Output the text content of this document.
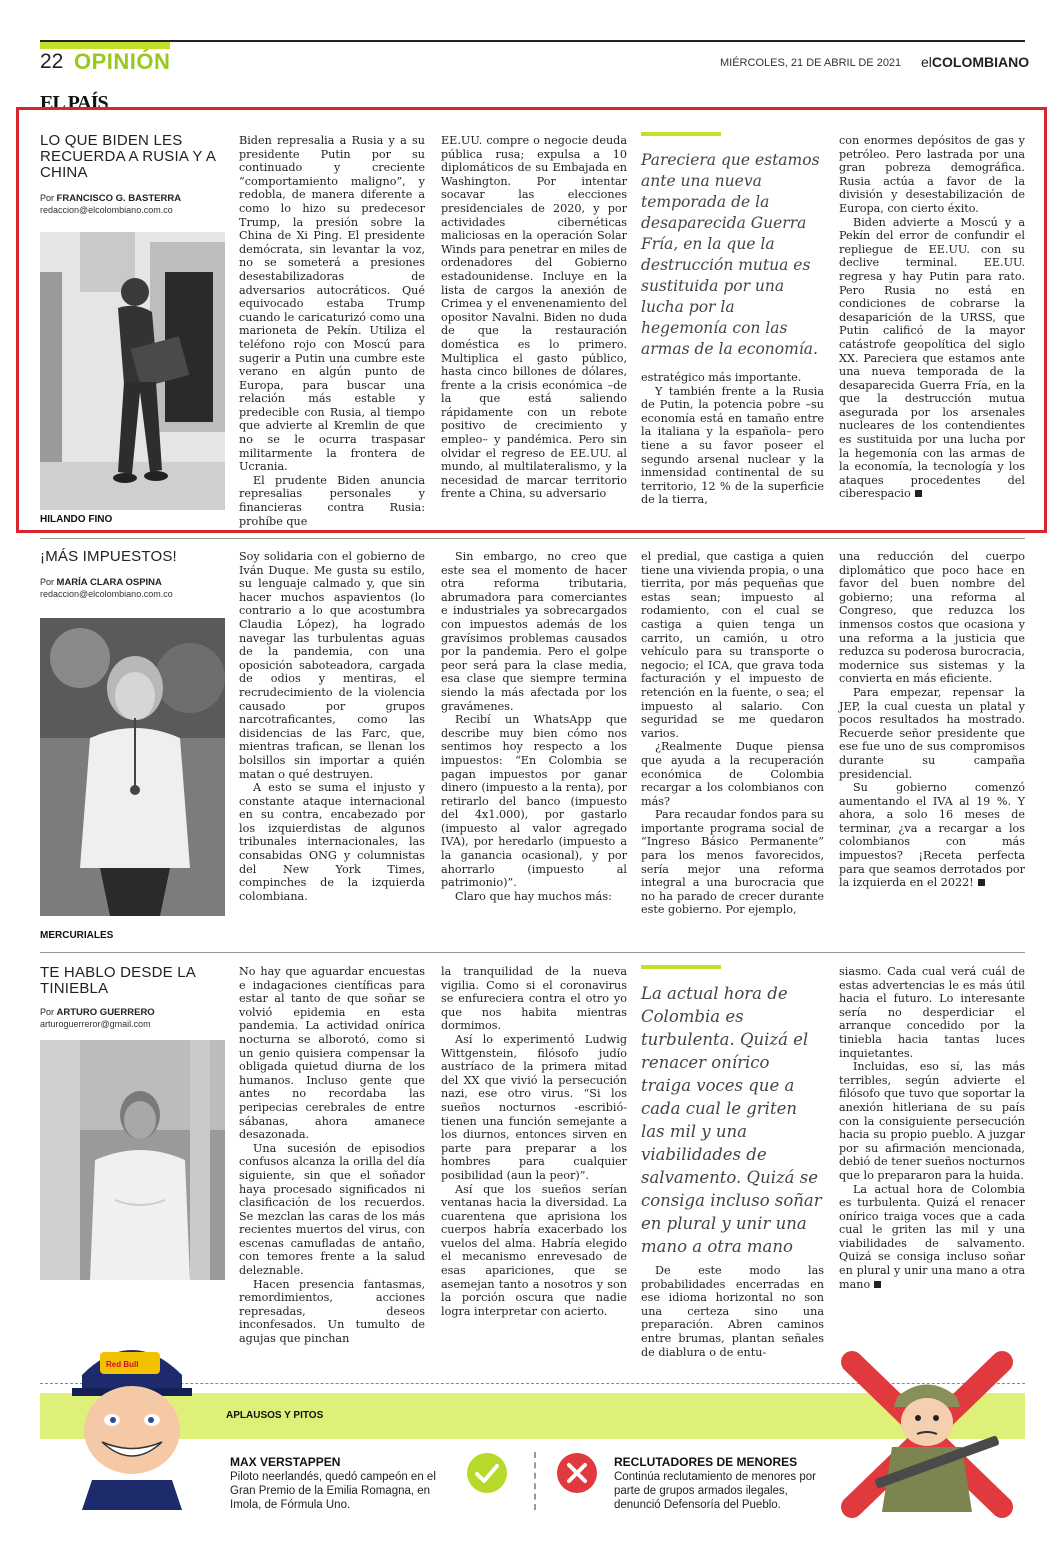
22 OPINIÓN	MIÉRCOLES, 21 DE ABRIL DE 2021 elCOLOMBIANO
EL PAÍS
LO QUE BIDEN LES RECUERDA A RUSIA Y A CHINA
Por FRANCISCO G. BASTERRA
redaccion@elcolombiano.com.co
HILANDO FINO

Biden represalia a Rusia y a su presidente Putin por su continuado y creciente “comportamiento maligno”, y redobla, de manera diferente a como lo hizo su predecesor Trump, la presión sobre la China de Xi Ping. El presidente demócrata, sin levantar la voz, no se someterá a presiones desestabilizadoras de adversarios autocráticos. Qué equivocado estaba Trump cuando le caricaturizó como una marioneta de Pekín. Utiliza el teléfono rojo con Moscú para sugerir a Putin una cumbre este verano en algún punto de Europa, para buscar una relación más estable y predecible con Rusia, al tiempo que advierte al Kremlin de que no se le ocurra traspasar militarmente la frontera de Ucrania.

El prudente Biden anuncia represalias personales y financieras contra Rusia: prohíbe que

EE.UU. compre o negocie deuda pública rusa; expulsa a 10 diplomáticos de su Embajada en Washington. Por intentar socavar las elecciones presidenciales de 2020, y por actividades cibernéticas maliciosas en la operación Solar Winds para penetrar en miles de ordenadores del Gobierno estadounidense. Incluye en la lista de cargos la anexión de Crimea y el envenenamiento del opositor Navalni. Biden no duda de que la restauración doméstica es lo primero. Multiplica el gasto público, hasta cinco billones de dólares, frente a la crisis económica –de la que está saliendo rápidamente con un rebote positivo de crecimiento y empleo– y pandémica. Pero sin olvidar el regreso de EE.UU. al mundo, al multilateralismo, y la necesidad de marcar territorio frente a China, su adversario

Pareciera que estamos ante una nueva temporada de la desaparecida Guerra Fría, en la que la destrucción mutua es sustituida por una lucha por la hegemonía con las armas de la economía.

estratégico más importante.

Y también frente a la Rusia de Putin, la potencia pobre –su economía está en tamaño entre la italiana y la española– pero tiene a su favor poseer el segundo arsenal nuclear y la inmensidad continental de su territorio, 12 % de la superficie de la tierra,

con enormes depósitos de gas y petróleo. Pero lastrada por una gran pobreza demográfica. Rusia actúa a favor de la división y desestabilización de Europa, con cierto éxito.

Biden advierte a Moscú y a Pekín del error de confundir el repliegue de EE.UU. con su declive terminal. EE.UU. regresa y hay Putin para rato. Pero Rusia no está en condiciones de cobrarse la desaparición de la URSS, que Putin calificó de la mayor catástrofe geopolítica del siglo XX. Pareciera que estamos ante una nueva temporada de la desaparecida Guerra Fría, en la que la destrucción mutua asegurada por los arsenales nucleares de los contendientes es sustituida por una lucha por la hegemonía con las armas de la economía, la tecnología y los ataques procedentes del ciberespacio

¡MÁS IMPUESTOS!
Por MARÍA CLARA OSPINA
redaccion@elcolombiano.com.co
MERCURIALES

Soy solidaria con el gobierno de Iván Duque. Me gusta su estilo, su lenguaje calmado y, que sin hacer muchos aspavientos (lo contrario a lo que acostumbra Claudia López), ha logrado navegar las turbulentas aguas de la pandemia, con una oposición saboteadora, cargada de odios y mentiras, el recrudecimiento de la violencia causado por grupos narcotraficantes, como las disidencias de las Farc, que, mientras trafican, se llenan los bolsillos sin importar a quién matan o qué destruyen.

A esto se suma el injusto y constante ataque internacional en su contra, encabezado por los izquierdistas de algunos tribunales internacionales, las consabidas ONG y columnistas del New York Times, compinches de la izquierda colombiana.

Sin embargo, no creo que este sea el momento de hacer otra reforma tributaria, abrumadora para comerciantes e industriales ya sobrecargados con impuestos además de los gravísimos problemas causados por la pandemia. Pero el golpe peor será para la clase media, esa clase que siempre termina siendo la más afectada por los gravámenes.

Recibí un WhatsApp que describe muy bien cómo nos sentimos hoy respecto a los impuestos: “En Colombia se pagan impuestos por ganar dinero (impuesto a la renta), por retirarlo del banco (impuesto del 4x1.000), por gastarlo (impuesto al valor agregado IVA), por heredarlo (impuesto a la ganancia ocasional), y por ahorrarlo (impuesto al patrimonio)”.

Claro que hay muchos más:

el predial, que castiga a quien tiene una vivienda propia, o una tierrita, por más pequeñas que estas sean; impuesto al rodamiento, con el cual se castiga a quien tenga un carrito, un camión, u otro vehículo para su transporte o negocio; el ICA, que grava toda facturación y el impuesto de retención en la fuente, o sea; el impuesto al salario. Con seguridad se me quedaron varios.

¿Realmente Duque piensa que ayuda a la recuperación económica de Colombia recargar a los colombianos con más?

Para recaudar fondos para su importante programa social de “Ingreso Básico Permanente” para los menos favorecidos, sería mejor una reforma integral a una burocracia que no ha parado de crecer durante este gobierno. Por ejemplo,

una reducción del cuerpo diplomático que poco hace en favor del buen nombre del gobierno; una reforma al Congreso, que reduzca los inmensos costos que ocasiona y una reforma a la justicia que reduzca su poderosa burocracia, modernice sus sistemas y la convierta en más eficiente.

Para empezar, repensar la JEP, la cual cuesta un platal y pocos resultados ha mostrado. Recuerde señor presidente que ese fue uno de sus compromisos durante su campaña presidencial.

Su gobierno comenzó aumentando el IVA al 19 %. Y ahora, a solo 16 meses de terminar, ¿va a recargar a los colombianos con más impuestos? ¡Receta perfecta para que seamos derrotados por la izquierda en el 2022!

TE HABLO DESDE LA TINIEBLA
Por ARTURO GUERRERO
arturoguerreror@gmail.com

No hay que aguardar encuestas e indagaciones científicas para estar al tanto de que soñar se volvió epidemia en esta pandemia. La actividad onírica nocturna se alborotó, como si un genio quisiera compensar la obligada quietud diurna de los humanos. Incluso gente que antes no recordaba las peripecias cerebrales de entre sábanas, ahora amanece desazonada.

Una sucesión de episodios confusos alcanza la orilla del día siguiente, sin que el soñador haya procesado significados ni clasificación de los recuerdos. Se mezclan las caras de los más recientes muertos del virus, con escenas camufladas de antaño, con temores frente a la salud deleznable.

Hacen presencia fantasmas, remordimientos, acciones represadas, deseos inconfesados. Un tumulto de agujas que pinchan

la tranquilidad de la nueva vigilia. Como si el coronavirus se enfureciera contra el otro yo que nos habita mientras dormimos.

Así lo experimentó Ludwig Wittgenstein, filósofo judío austríaco de la primera mitad del XX que vivió la persecución nazi, ese otro virus. “Si los sueños nocturnos -escribió- tienen una función semejante a los diurnos, entonces sirven en parte para preparar a los hombres para cualquier posibilidad (aun la peor)”.

Así que los sueños serían ventanas hacia la diversidad. La cuarentena que aprisiona los cuerpos habría exacerbado los vuelos del alma. Habría elegido el mecanismo enrevesado de esas apariciones, que se asemejan tanto a nosotros y son la porción oscura que nadie logra interpretar con acierto.

La actual hora de Colombia es turbulenta. Quizá el renacer onírico traiga voces que a cada cual le griten las mil y una viabilidades de salvamento. Quizá se consiga incluso soñar en plural y unir una mano a otra mano

De este modo las probabilidades encerradas en ese idioma horizontal no son una certeza sino una preparación. Abren caminos entre brumas, plantan señales de diablura o de entu-

siasmo. Cada cual verá cuál de estas advertencias le es más útil hacia el futuro. Lo interesante sería no desperdiciar el arranque concedido por la tiniebla hacia tantas luces inquietantes.

Incluidas, eso sí, las más terribles, según advierte el filósofo que tuvo que soportar la anexión hitleriana de su país con la consiguiente persecución hacia su propio pueblo. A juzgar por su afirmación mencionada, debió de tener sueños nocturnos que lo prepararon para la huida.

La actual hora de Colombia es turbulenta. Quizá el renacer onírico traiga voces que a cada cual le griten las mil y una viabilidades de salvamento. Quizá se consiga incluso soñar en plural y unir una mano a otra mano

APLAUSOS Y PITOS
Red Bull
MAX VERSTAPPEN
Piloto neerlandés, quedó campeón en el Gran Premio de la Emilia Romagna, en Imola, de Fórmula Uno.
RECLUTADORES DE MENORES
Continúa reclutamiento de menores por parte de grupos armados ilegales, denunció Defensoría del Pueblo.
